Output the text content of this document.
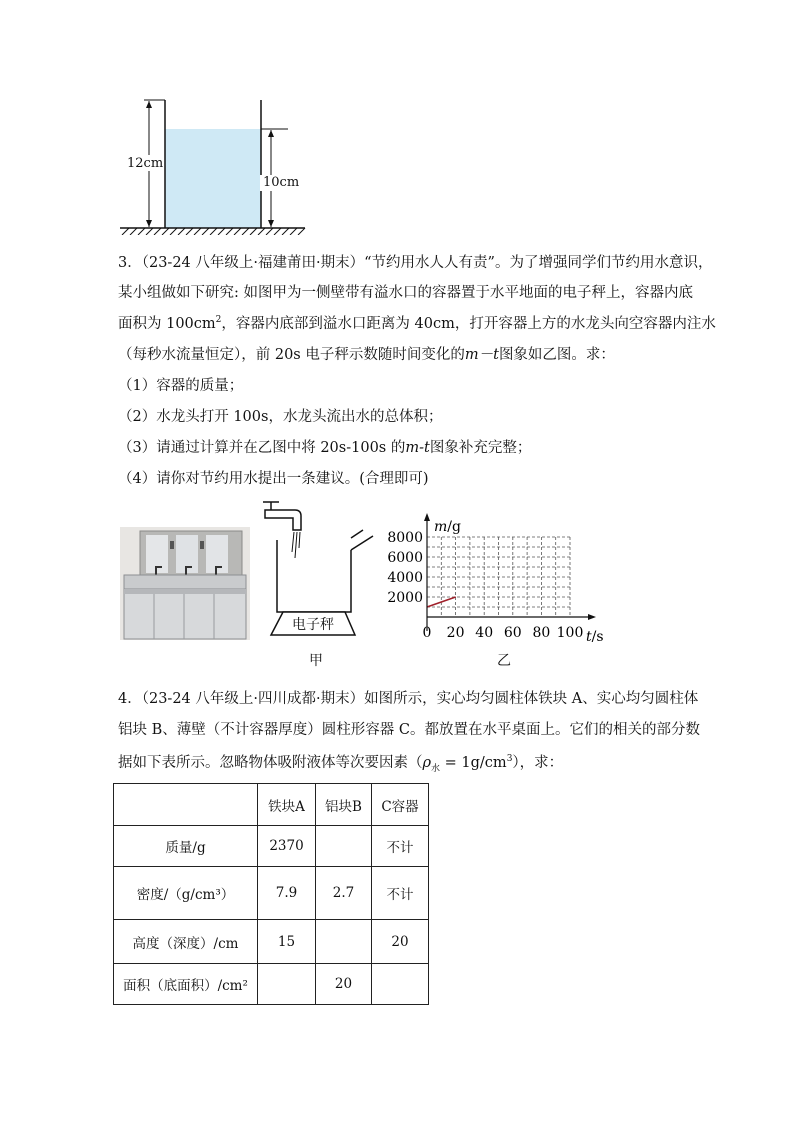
12cm
10cm
3．（23-24 八年级上·福建莆田·期末）“节约用水人人有责”。为了增强同学们节约用水意识，
某小组做如下研究: 如图甲为一侧壁带有溢水口的容器置于水平地面的电子秤上，容器内底
面积为 $100cm^2$，容器内底部到溢水口距离为 40cm，打开容器上方的水龙头向空容器内注水
（每秒水流量恒定），前 20s 电子秤示数随时间变化的m－t图象如乙图。求：
（1）容器的质量；
（2）水龙头打开 100s，水龙头流出水的总体积；
（3）请通过计算并在乙图中将 20s-100s 的m-t图象补充完整；
（4）请你对节约用水提出一条建议。(合理即可)
电子秤
甲
2000
4000
6000
8000
0 20 40 60 80 100
m/g
t/s
乙
4．（23-24 八年级上·四川成都·期末）如图所示，实心均匀圆柱体铁块 A、实心均匀圆柱体
铝块 B、薄壁（不计容器厚度）圆柱形容器 C。都放置在水平桌面上。它们的相关的部分数
据如下表所示。忽略物体吸附液体等次要因素$(\rho_水 = 1g/cm^3)$，求：
	铁块A	铝块B	C容器
质量/g	2370		不计
密度/（g/cm³）	7.9	2.7	不计
高度（深度）/cm	15		20
面积（底面积）/cm²		20	
